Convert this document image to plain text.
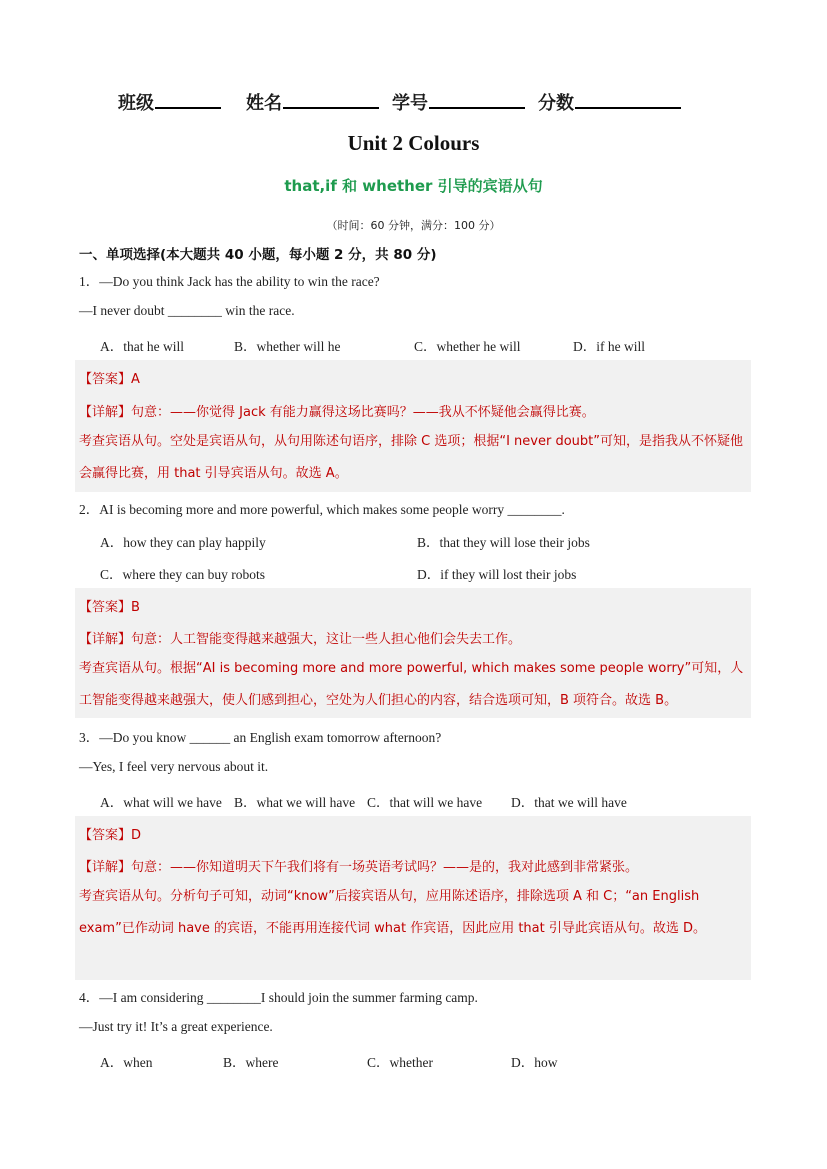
班级	姓名	学号	分数
Unit 2 Colours
that,if 和 whether 引导的宾语从句
（时间：60 分钟，满分：100 分）
一、单项选择(本大题共 40 小题，每小题 2 分，共 80 分)
1．—Do you think Jack has the ability to win the race?
—I never doubt ________ win the race.
A．that he will	B．whether will he	C．whether he will	D．if he will
【答案】A
【详解】句意：——你觉得 Jack 有能力赢得这场比赛吗？——我从不怀疑他会赢得比赛。
考查宾语从句。空处是宾语从句，从句用陈述句语序，排除 C 选项；根据“I never doubt”可知，是指我从不怀疑他会赢得比赛，用 that 引导宾语从句。故选 A。
2．AI is becoming more and more powerful, which makes some people worry ________.
A．how they can play happily	B．that they will lose their jobs
C．where they can buy robots	D．if they will lost their jobs
【答案】B
【详解】句意：人工智能变得越来越强大，这让一些人担心他们会失去工作。
考查宾语从句。根据“AI is becoming more and more powerful, which makes some people worry”可知，人工智能变得越来越强大，使人们感到担心，空处为人们担心的内容，结合选项可知，B 项符合。故选 B。
3．—Do you know ______ an English exam tomorrow afternoon?
—Yes, I feel very nervous about it.
A．what will we have B．what we will have C．that will we have D．that we will have
【答案】D
【详解】句意：——你知道明天下午我们将有一场英语考试吗？——是的，我对此感到非常紧张。
考查宾语从句。分析句子可知，动词“know”后接宾语从句，应用陈述语序，排除选项 A 和 C；“an English exam”已作动词 have 的宾语，不能再用连接代词 what 作宾语，因此应用 that 引导此宾语从句。故选 D。
4．—I am considering ________I should join the summer farming camp.
—Just try it! It’s a great experience.
A．when	B．where	C．whether	D．how
